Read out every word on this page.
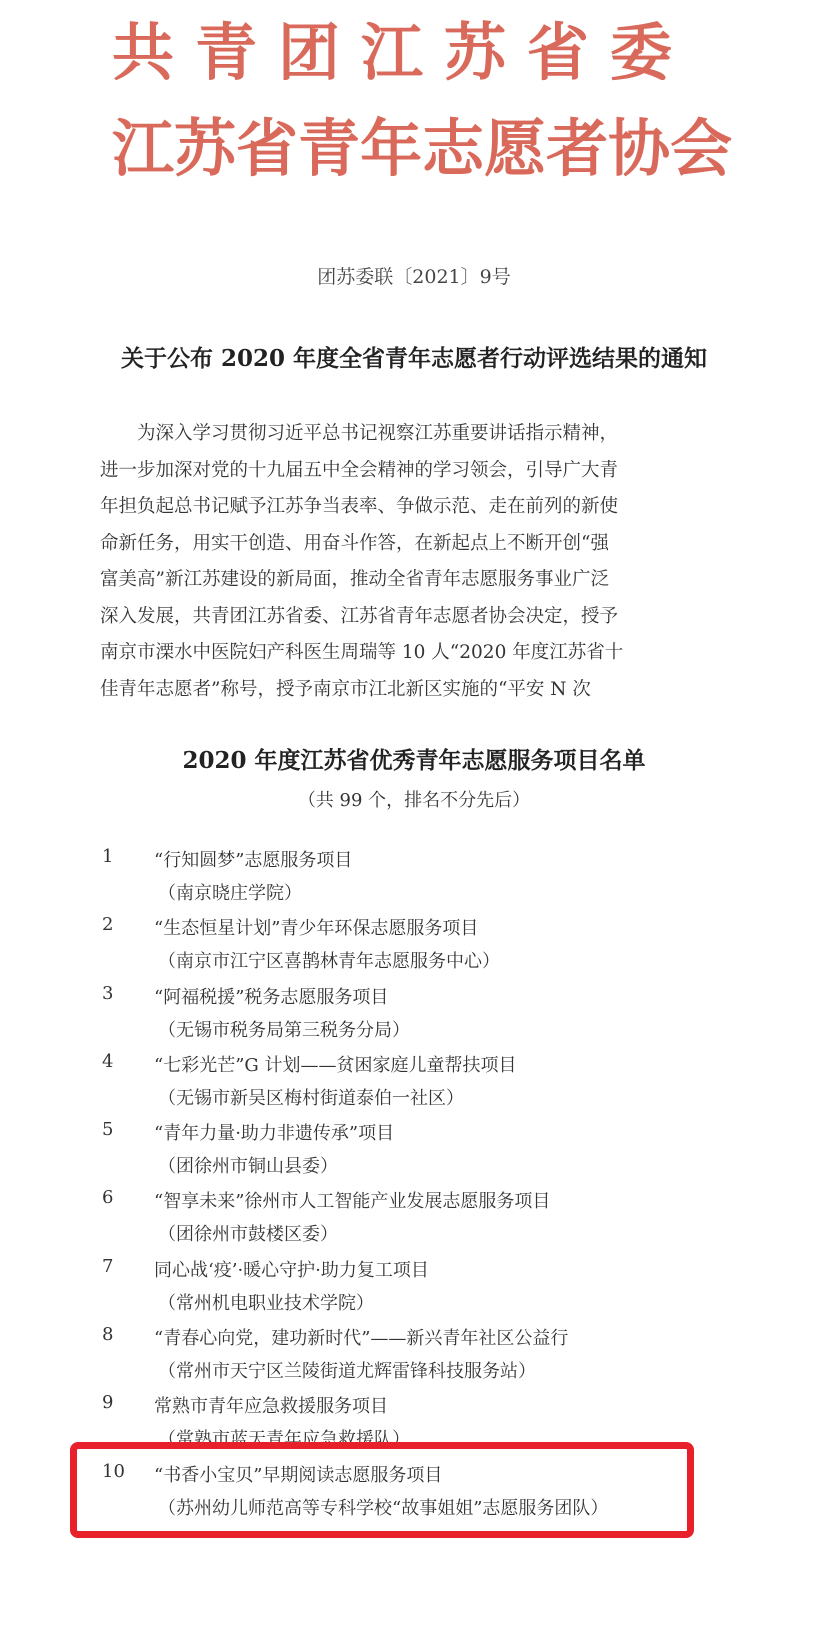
共 青 团 江 苏 省 委
江 苏 省 青 年 志 愿 者 协 会
团苏委联〔2021〕9号
关于公布 2020 年度全省青年志愿者行动评选结果的通知

　　为深入学习贯彻习近平总书记视察江苏重要讲话指示精神，

进一步加深对党的十九届五中全会精神的学习领会，引导广大青

年担负起总书记赋予江苏争当表率、争做示范、走在前列的新使

命新任务，用实干创造、用奋斗作答，在新起点上不断开创“强

富美高”新江苏建设的新局面，推动全省青年志愿服务事业广泛

深入发展，共青团江苏省委、江苏省青年志愿者协会决定，授予

南京市溧水中医院妇产科医生周瑞等 10 人“2020 年度江苏省十

佳青年志愿者”称号，授予南京市江北新区实施的“平安 N 次

2020 年度江苏省优秀青年志愿服务项目名单
（共 99 个，排名不分先后）
1 “行知圆梦”志愿服务项目
（南京晓庄学院）
2 “生态恒星计划”青少年环保志愿服务项目
（南京市江宁区喜鹊林青年志愿服务中心）
3 “阿福税援”税务志愿服务项目
（无锡市税务局第三税务分局）
4 “七彩光芒”G 计划——贫困家庭儿童帮扶项目
（无锡市新吴区梅村街道泰伯一社区）
5 “青年力量·助力非遗传承”项目
（团徐州市铜山县委）
6 “智享未来”徐州市人工智能产业发展志愿服务项目
（团徐州市鼓楼区委）
7 同心战‘疫’·暖心守护·助力复工项目
（常州机电职业技术学院）
8 “青春心向党，建功新时代”——新兴青年社区公益行
（常州市天宁区兰陵街道尤辉雷锋科技服务站）
9 常熟市青年应急救援服务项目
（常熟市蓝天青年应急救援队）
10 “书香小宝贝”早期阅读志愿服务项目
（苏州幼儿师范高等专科学校“故事姐姐”志愿服务团队）
